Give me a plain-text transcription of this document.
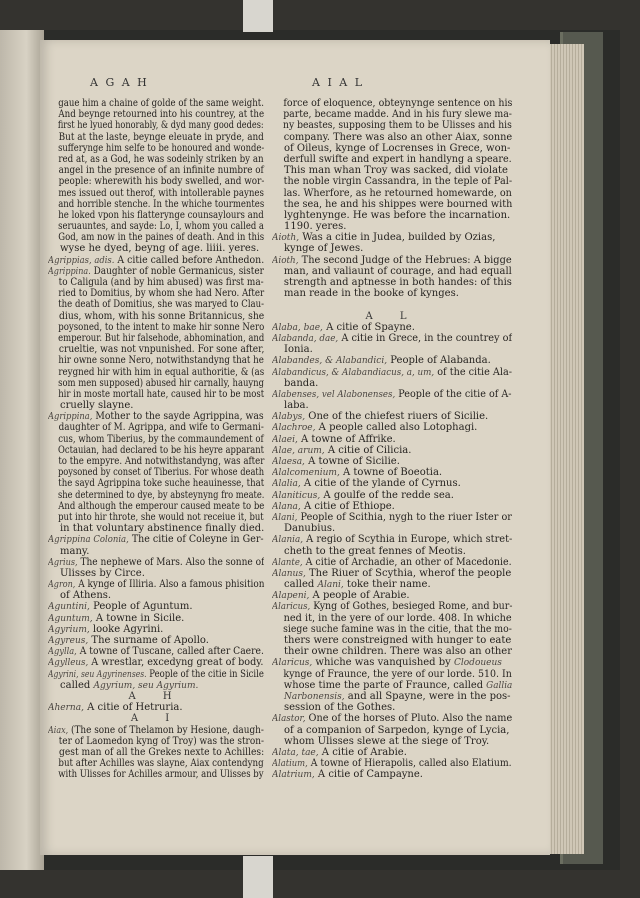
A G A H	A I A L
gaue him a chaine of golde of the same weight.
And beynge retourned into his countrey, at the
first he lyued honorably, & dyd many good dedes:
But at the laste, beynge eleuate in pryde, and
sufferynge him selfe to be honoured and wonde-
red at, as a God, he was sodeinly striken by an
angel in the presence of an infinite numbre of
people: wherewith his body swelled, and wor-
mes issued out therof, with intollerable paynes
and horrible stenche. In the whiche tourmentes
he loked vpon his flatterynge counsaylours and
seruauntes, and sayde: Lo, I, whom you called a
God, am now in the paines of death. And in this
wyse he dyed, beyng of age. liiii. yeres.
Agrippias, adis. A citie called before Anthedon.
Agrippina. Daughter of noble Germanicus, sister
to Caligula (and by him abused) was first ma-
ried to Domitius, by whom she had Nero. After
the death of Domitius, she was maryed to Clau-
dius, whom, with his sonne Britannicus, she
poysoned, to the intent to make hir sonne Nero
emperour. But hir falsehode, abhomination, and
crueltie, was not vnpunished. For sone after,
hir owne sonne Nero, notwithstandyng that he
reygned hir with him in equal authoritie, & (as
som men supposed) abused hir carnally, hauyng
hir in moste mortall hate, caused hir to be most
cruelly slayne.
Agrippina, Mother to the sayde Agrippina, was
daughter of M. Agrippa, and wife to Germani-
cus, whom Tiberius, by the commaundement of
Octauian, had declared to be his heyre apparant
to the empyre. And notwithstandyng, was after
poysoned by conset of Tiberius. For whose death
the sayd Agrippina toke suche heauinesse, that
she determined to dye, by absteynyng fro meate.
And although the emperour caused meate to be
put into hir throte, she would not receiue it, but
in that voluntary abstinence finally died.
Agrippina Colonia, The citie of Coleyne in Ger-
many.
Agrius, The nephewe of Mars. Also the sonne of
Ulisses by Circe.
Agron, A kynge of Illiria. Also a famous phisition
of Athens.
Aguntini, People of Aguntum.
Aguntum, A towne in Sicile.
Agyrium, looke Agyrini.
Agyreus, The surname of Apollo.
Agylla, A towne of Tuscane, called after Caere.
Agylleus, A wrestlar, excedyng great of body.
Agyrini, seu Agyrinenses. People of the citie in Sicile
called Agyrium, seu Agyrium.
A H
Aherna, A citie of Hetruria.
A I
Aiax, (The sone of Thelamon by Hesione, daugh-
ter of Laomedon kyng of Troy) was the stron-
gest man of all the Grekes nexte to Achilles:
but after Achilles was slayne, Aiax contendyng
with Ulisses for Achilles armour, and Ulisses by
force of eloquence, obteynynge sentence on his
parte, became madde. And in his fury slewe ma-
ny beastes, supposing them to be Ulisses and his
company. There was also an other Aiax, sonne
of Oileus, kynge of Locrenses in Grece, won-
derfull swifte and expert in handlyng a speare.
This man whan Troy was sacked, did violate
the noble virgin Cassandra, in the teple of Pal-
las. Wherfore, as he retourned homewarde, on
the sea, he and his shippes were bourned with
lyghtenynge. He was before the incarnation.
1190. yeres.
Aioth, Was a citie in Judea, builded by Ozias,
kynge of Jewes.
Aioth, The second Judge of the Hebrues: A bigge
man, and valiaunt of courage, and had equall
strength and aptnesse in both handes: of this
man reade in the booke of kynges.
A L
Alaba, bae, A citie of Spayne.
Alabanda, dae, A citie in Grece, in the countrey of
Ionia.
Alabandes, & Alabandici, People of Alabanda.
Alabandicus, & Alabandiacus, a, um, of the citie Ala-
banda.
Alabenses, vel Alabonenses, People of the citie of A-
laba.
Alabys, One of the chiefest riuers of Sicilie.
Alachroe, A people called also Lotophagi.
Alaei, A towne of Affrike.
Alae, arum, A citie of Cilicia.
Alaesa, A towne of Sicilie.
Alalcomenium, A towne of Boeotia.
Alalia, A citie of the ylande of Cyrnus.
Alaniticus, A goulfe of the redde sea.
Alana, A citie of Ethiope.
Alani, People of Scithia, nygh to the riuer Ister or
Danubius.
Alania, A regio of Scythia in Europe, which stret-
cheth to the great fennes of Meotis.
Alante, A citie of Archadie, an other of Macedonie.
Alanus, The Riuer of Scythia, wherof the people
called Alani, toke their name.
Alapeni, A people of Arabie.
Alaricus, Kyng of Gothes, besieged Rome, and bur-
ned it, in the yere of our lorde. 408. In whiche
siege suche famine was in the citie, that the mo-
thers were constreigned with hunger to eate
their owne children. There was also an other
Alaricus, whiche was vanquished by Clodoueus
kynge of Fraunce, the yere of our lorde. 510. In
whose time the parte of Fraunce, called Gallia
Narbonensis, and all Spayne, were in the pos-
session of the Gothes.
Alastor, One of the horses of Pluto. Also the name
of a companion of Sarpedon, kynge of Lycia,
whom Ulisses slewe at the siege of Troy.
Alata, tae, A citie of Arabie.
Alatium, A towne of Hierapolis, called also Elatium.
Alatrium, A citie of Campayne.
